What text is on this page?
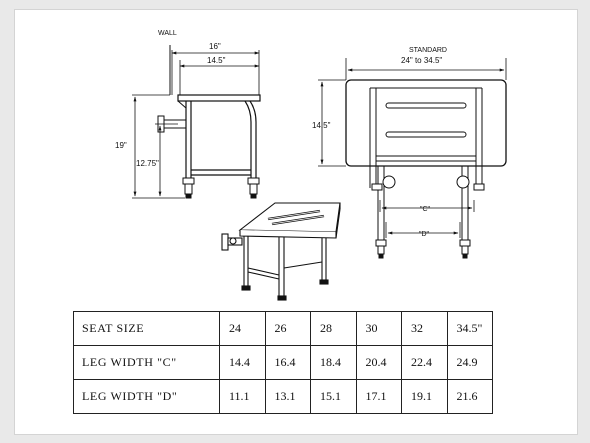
WALL
16"
14.5"
19"
12.75"
STANDARD
24" to 34.5"
14.5"
"C"
"D"
SEAT SIZE	24	26	28	30	32	34.5"
LEG WIDTH "C"	14.4	16.4	18.4	20.4	22.4	24.9
LEG WIDTH "D"	11.1	13.1	15.1	17.1	19.1	21.6
